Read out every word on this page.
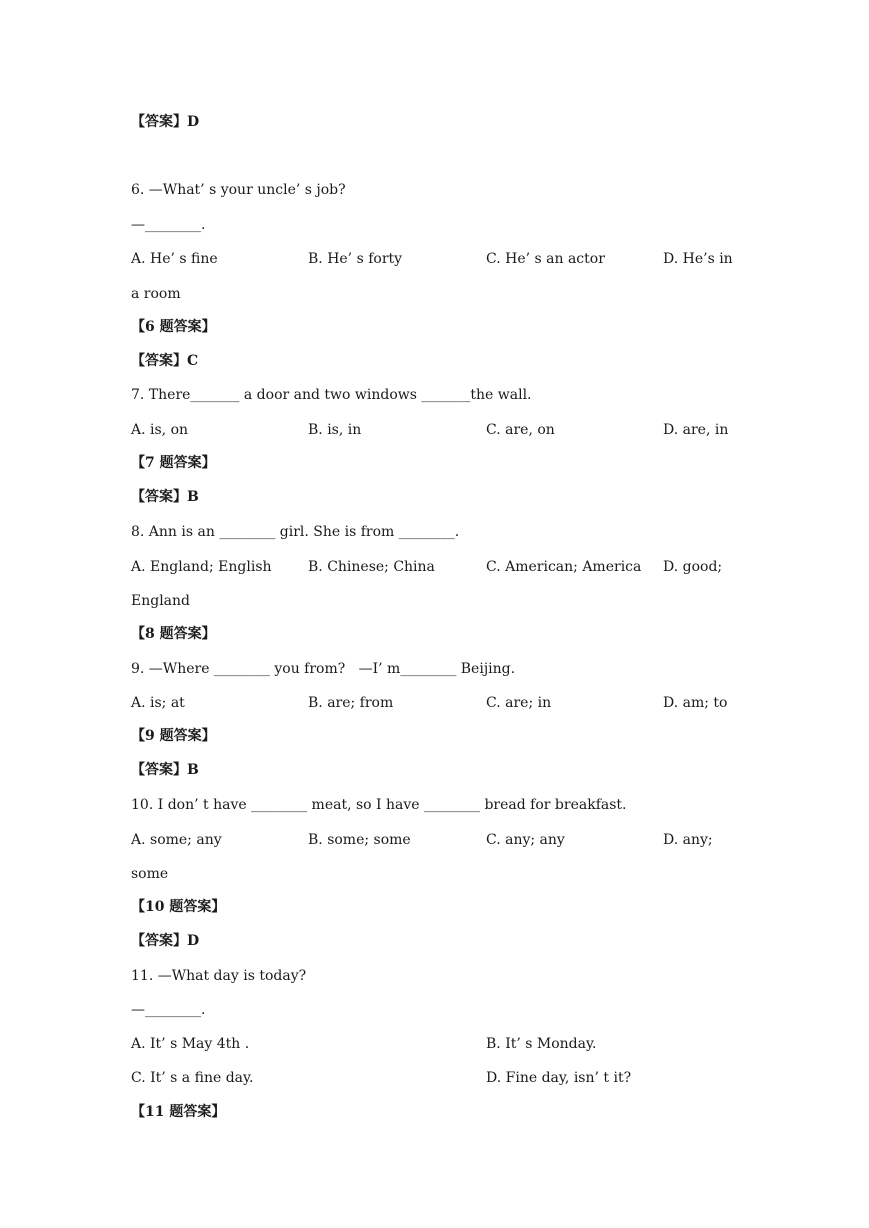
【答案】D
6. —What’ s your uncle’ s job?
—________.
A. He’ s fine	B. He’ s forty	C. He’ s an actor	D. He’s in
a room
【6 题答案】
【答案】C
7. There_______ a door and two windows _______the wall.
A. is, on	B. is, in	C. are, on	D. are, in
【7 题答案】
【答案】B
8. Ann is an ________ girl. She is from ________.
A. England; English	B. Chinese; China	C. American; America D. good;
England
【8 题答案】
9. —Where ________ you from?   —I’ m________ Beijing.
A. is; at	B. are; from	C. are; in	D. am; to
【9 题答案】
【答案】B
10. I don’ t have ________ meat, so I have ________ bread for breakfast.
A. some; any	B. some; some	C. any; any	D. any;
some
【10 题答案】
【答案】D
11. —What day is today?
—________.
A. It’ s May 4th .	B. It’ s Monday.
C. It’ s a fine day.	D. Fine day, isn’ t it?
【11 题答案】
